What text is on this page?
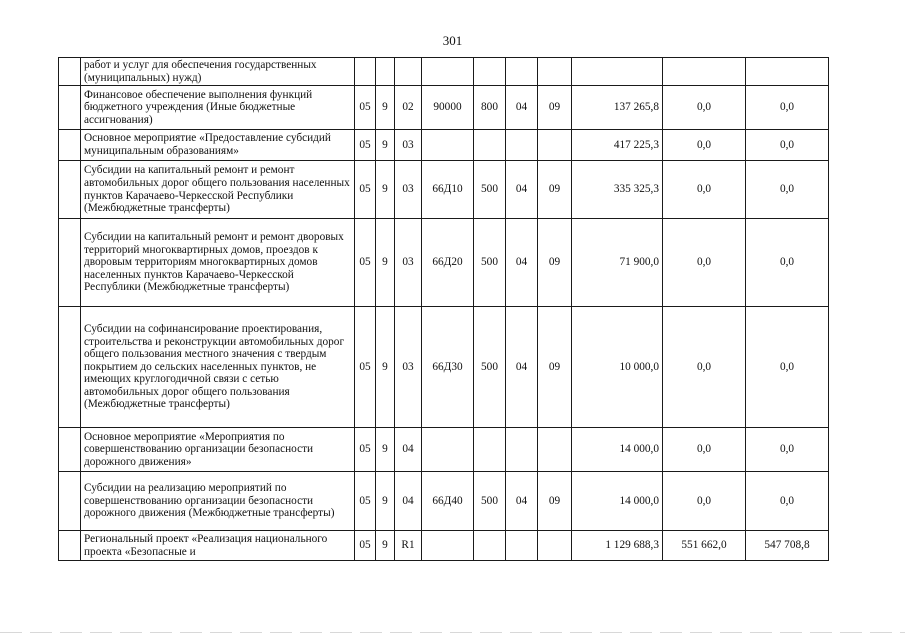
301
	работ и услуг для обеспечения государственных (муниципальных) нужд)										
	Финансовое обеспечение выполнения функций бюджетного учреждения (Иные бюджетные ассигнования)	05	9	02	90000	800	04	09	137 265,8	0,0	0,0
	Основное мероприятие «Предоставление субсидий муниципальным образованиям»	05	9	03					417 225,3	0,0	0,0
	Субсидии на капитальный ремонт и ремонт автомобильных дорог общего пользования населенных пунктов Карачаево-Черкесской Республики (Межбюджетные трансферты)	05	9	03	66Д10	500	04	09	335 325,3	0,0	0,0
	Субсидии на капитальный ремонт и ремонт дворовых территорий многоквартирных домов, проездов к дворовым территориям многоквартирных домов населенных пунктов Карачаево-Черкесской Республики (Межбюджетные трансферты)	05	9	03	66Д20	500	04	09	71 900,0	0,0	0,0
	Субсидии на софинансирование проектирования, строительства и реконструкции автомобильных дорог общего пользования местного значения с твердым покрытием до сельских населенных пунктов, не имеющих круглогодичной связи с сетью автомобильных дорог общего пользования (Межбюджетные трансферты)	05	9	03	66Д30	500	04	09	10 000,0	0,0	0,0
	Основное мероприятие «Мероприятия по совершенствованию организации безопасности дорожного движения»	05	9	04					14 000,0	0,0	0,0
	Субсидии на реализацию мероприятий по совершенствованию организации безопасности дорожного движения (Межбюджетные трансферты)	05	9	04	66Д40	500	04	09	14 000,0	0,0	0,0
	Региональный проект «Реализация национального проекта «Безопасные и	05	9	R1					1 129 688,3	551 662,0	547 708,8
